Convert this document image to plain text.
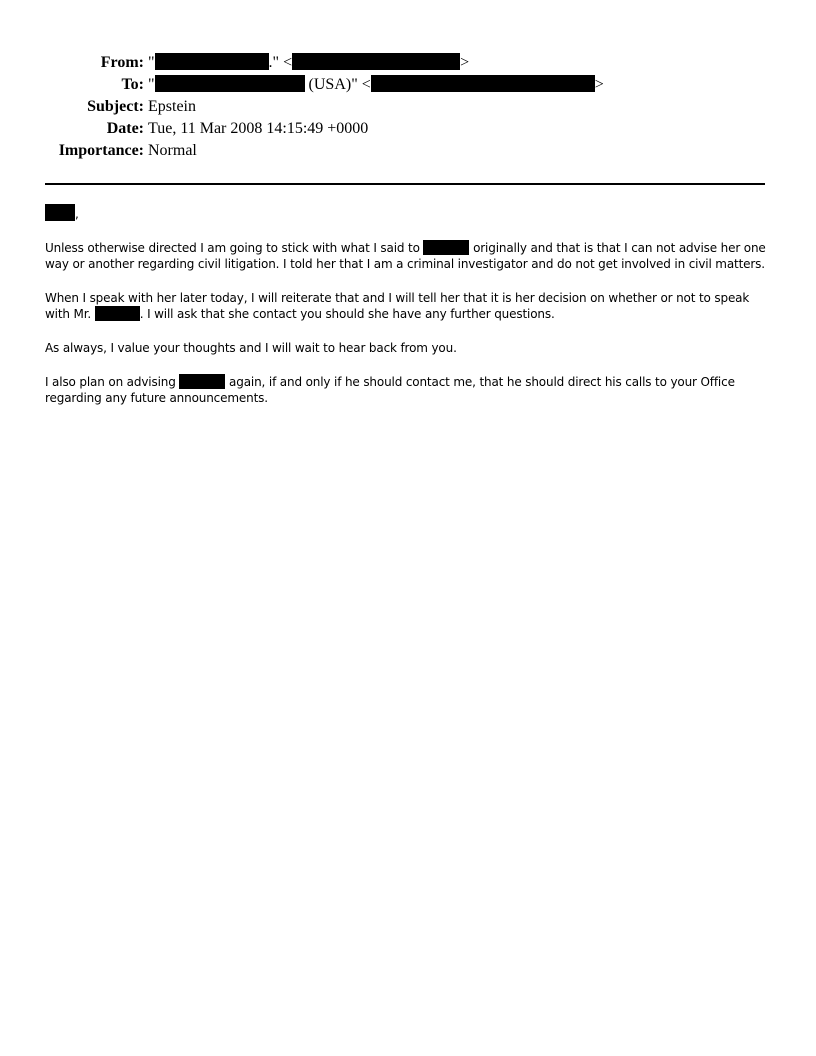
From: "	." <	>
To: "	(USA)" <	>
Subject: Epstein
Date: Tue, 11 Mar 2008 14:15:49 +0000
Importance: Normal

,

Unless otherwise directed I am going to stick with what I said to	originally and that is that I can not advise her one way or another regarding civil litigation. I told her that I am a criminal investigator and do not get involved in civil matters.

When I speak with her later today, I will reiterate that and I will tell her that it is her decision on whether or not to speak with Mr.	. I will ask that she contact you should she have any further questions.

As always, I value your thoughts and I will wait to hear back from you.

I also plan on advising	again, if and only if he should contact me, that he should direct his calls to your Office regarding any future announcements.
